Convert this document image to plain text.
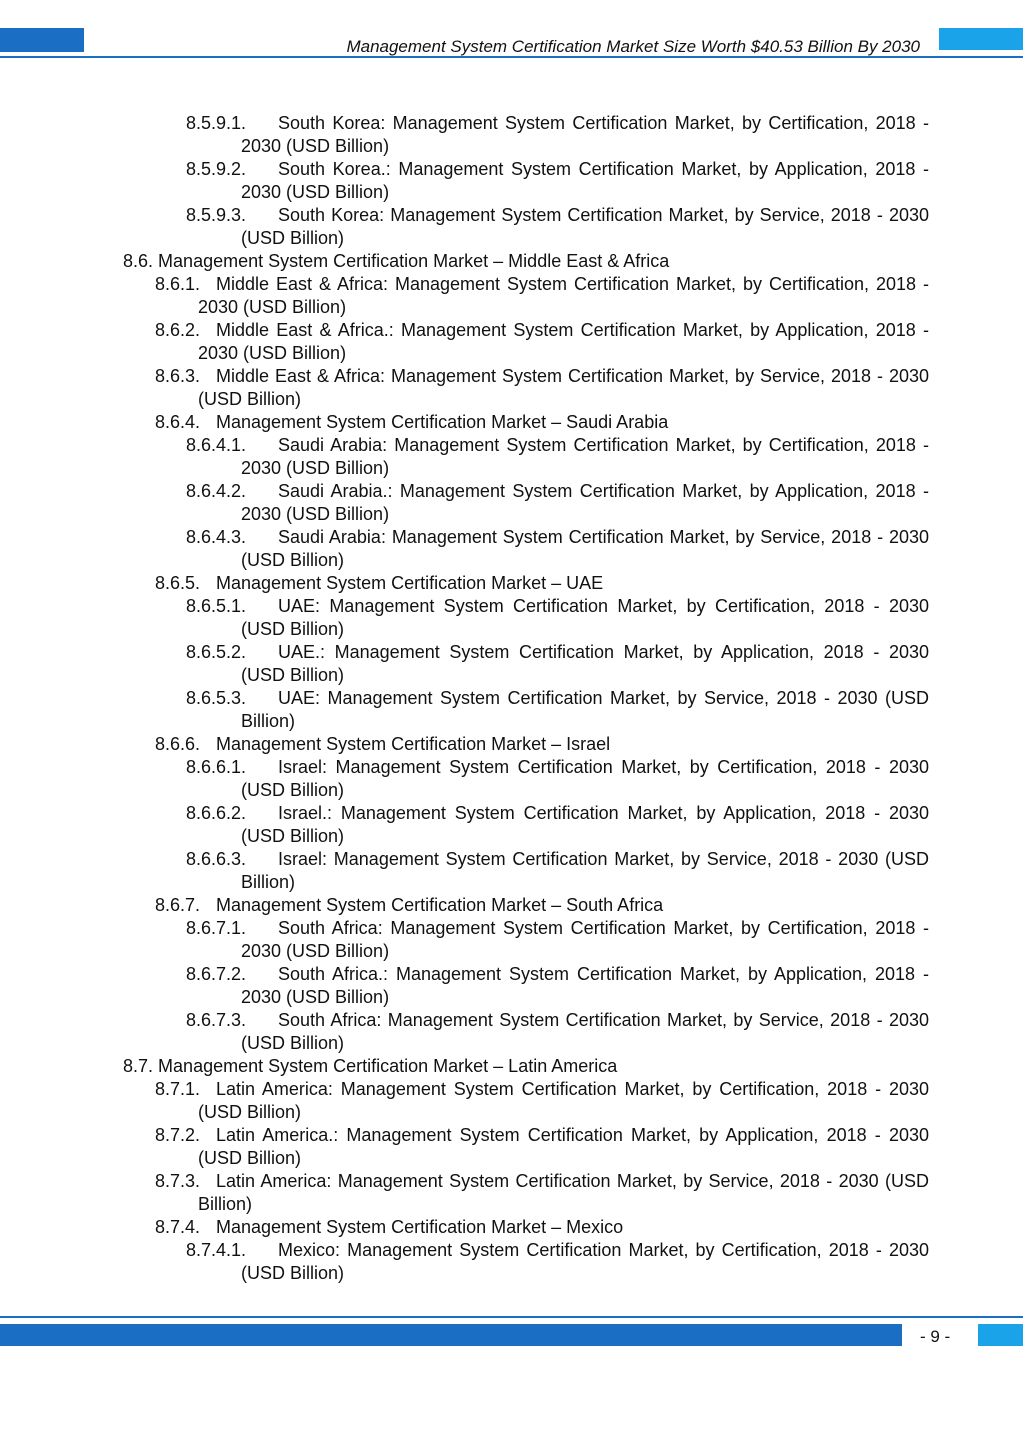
Management System Certification Market Size Worth $40.53 Billion By 2030
8.5.9.1.	South Korea: Management System Certification Market, by Certification, 2018 - 2030 (USD Billion)
8.5.9.2.	South Korea.: Management System Certification Market, by Application, 2018 - 2030 (USD Billion)
8.5.9.3.	South Korea: Management System Certification Market, by Service, 2018 - 2030 (USD Billion)
8.6. Management System Certification Market – Middle East & Africa
8.6.1. Middle East & Africa: Management System Certification Market, by Certification, 2018 - 2030 (USD Billion)
8.6.2. Middle East & Africa.: Management System Certification Market, by Application, 2018 - 2030 (USD Billion)
8.6.3. Middle East & Africa: Management System Certification Market, by Service, 2018 - 2030 (USD Billion)
8.6.4. Management System Certification Market – Saudi Arabia
8.6.4.1.	Saudi Arabia: Management System Certification Market, by Certification, 2018 - 2030 (USD Billion)
8.6.4.2.	Saudi Arabia.: Management System Certification Market, by Application, 2018 - 2030 (USD Billion)
8.6.4.3.	Saudi Arabia: Management System Certification Market, by Service, 2018 - 2030 (USD Billion)
8.6.5. Management System Certification Market – UAE
8.6.5.1.	UAE: Management System Certification Market, by Certification, 2018 - 2030 (USD Billion)
8.6.5.2.	UAE.: Management System Certification Market, by Application, 2018 - 2030 (USD Billion)
8.6.5.3.	UAE: Management System Certification Market, by Service, 2018 - 2030 (USD Billion)
8.6.6. Management System Certification Market – Israel
8.6.6.1.	Israel: Management System Certification Market, by Certification, 2018 - 2030 (USD Billion)
8.6.6.2.	Israel.: Management System Certification Market, by Application, 2018 - 2030 (USD Billion)
8.6.6.3.	Israel: Management System Certification Market, by Service, 2018 - 2030 (USD Billion)
8.6.7. Management System Certification Market – South Africa
8.6.7.1.	South Africa: Management System Certification Market, by Certification, 2018 - 2030 (USD Billion)
8.6.7.2.	South Africa.: Management System Certification Market, by Application, 2018 - 2030 (USD Billion)
8.6.7.3.	South Africa: Management System Certification Market, by Service, 2018 - 2030 (USD Billion)
8.7. Management System Certification Market – Latin America
8.7.1. Latin America: Management System Certification Market, by Certification, 2018 - 2030 (USD Billion)
8.7.2. Latin America.: Management System Certification Market, by Application, 2018 - 2030 (USD Billion)
8.7.3. Latin America: Management System Certification Market, by Service, 2018 - 2030 (USD Billion)
8.7.4. Management System Certification Market – Mexico
8.7.4.1.	Mexico: Management System Certification Market, by Certification, 2018 - 2030 (USD Billion)
- 9 -
